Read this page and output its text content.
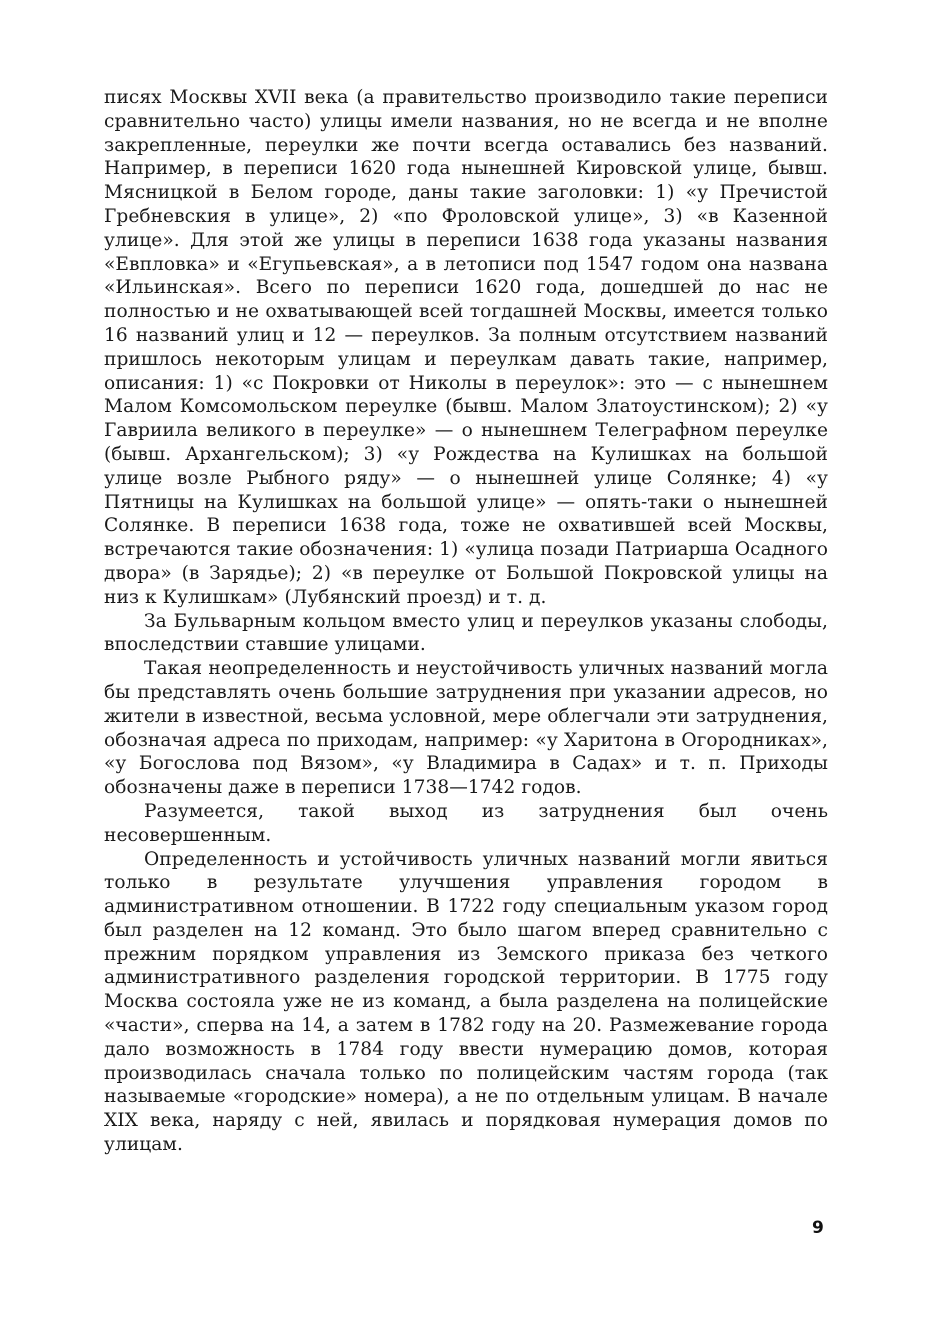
писях Москвы XVII века (а правительство производило такие переписи сравнительно часто) улицы имели названия, но не всегда и не вполне закрепленные, переулки же почти всегда оставались без названий. Например, в переписи 1620 года нынешней Кировской улице, бывш. Мясницкой в Белом городе, даны такие заголовки: 1) «у Пречистой Гребневския в улице», 2) «по Фроловской улице», 3) «в Казенной улице». Для этой же улицы в переписи 1638 года указаны названия «Евпловка» и «Егупьевская», а в летописи под 1547 годом она названа «Ильинская». Всего по переписи 1620 года, дошедшей до нас не полностью и не охватывающей всей тогдашней Москвы, имеется только 16 названий улиц и 12 — переулков. За полным отсутствием названий пришлось некоторым улицам и переулкам давать такие, например, описания: 1) «с Покровки от Николы в переулок»: это — с нынешнем Малом Комсомольском переулке (бывш. Малом Златоустинском); 2) «у Гавриила великого в переулке» — о нынешнем Телеграфном переулке (бывш. Архангельском); 3) «у Рождества на Кулишках на большой улице возле Рыбного ряду» — о нынешней улице Солянке; 4) «у Пятницы на Кулишках на большой улице» — опять-таки о нынешней Солянке. В переписи 1638 года, тоже не охватившей всей Москвы, встречаются такие обозначения: 1) «улица позади Патриарша Осадного двора» (в Зарядье); 2) «в переулке от Большой Покровской улицы на низ к Кулишкам» (Лубянский проезд) и т. д.

За Бульварным кольцом вместо улиц и переулков указаны слободы, впоследствии ставшие улицами.

Такая неопределенность и неустойчивость уличных названий могла бы представлять очень большие затруднения при указании адресов, но жители в известной, весьма условной, мере облегчали эти затруднения, обозначая адреса по приходам, например: «у Харитона в Огородниках», «у Богослова под Вязом», «у Владимира в Садах» и т. п. Приходы обозначены даже в переписи 1738—1742 годов.

Разумеется, такой выход из затруднения был очень несовершенным.

Определенность и устойчивость уличных названий могли явиться только в результате улучшения управления городом в административном отношении. В 1722 году специальным указом город был разделен на 12 команд. Это было шагом вперед сравнительно с прежним порядком управления из Земского приказа без четкого административного разделения городской территории. В 1775 году Москва состояла уже не из команд, а была разделена на полицейские «части», сперва на 14, а затем в 1782 году на 20. Размежевание города дало возможность в 1784 году ввести нумерацию домов, которая производилась сначала только по полицейским частям города (так называемые «городские» номера), а не по отдельным улицам. В начале XIX века, наряду с ней, явилась и порядковая нумерация домов по улицам.

9
